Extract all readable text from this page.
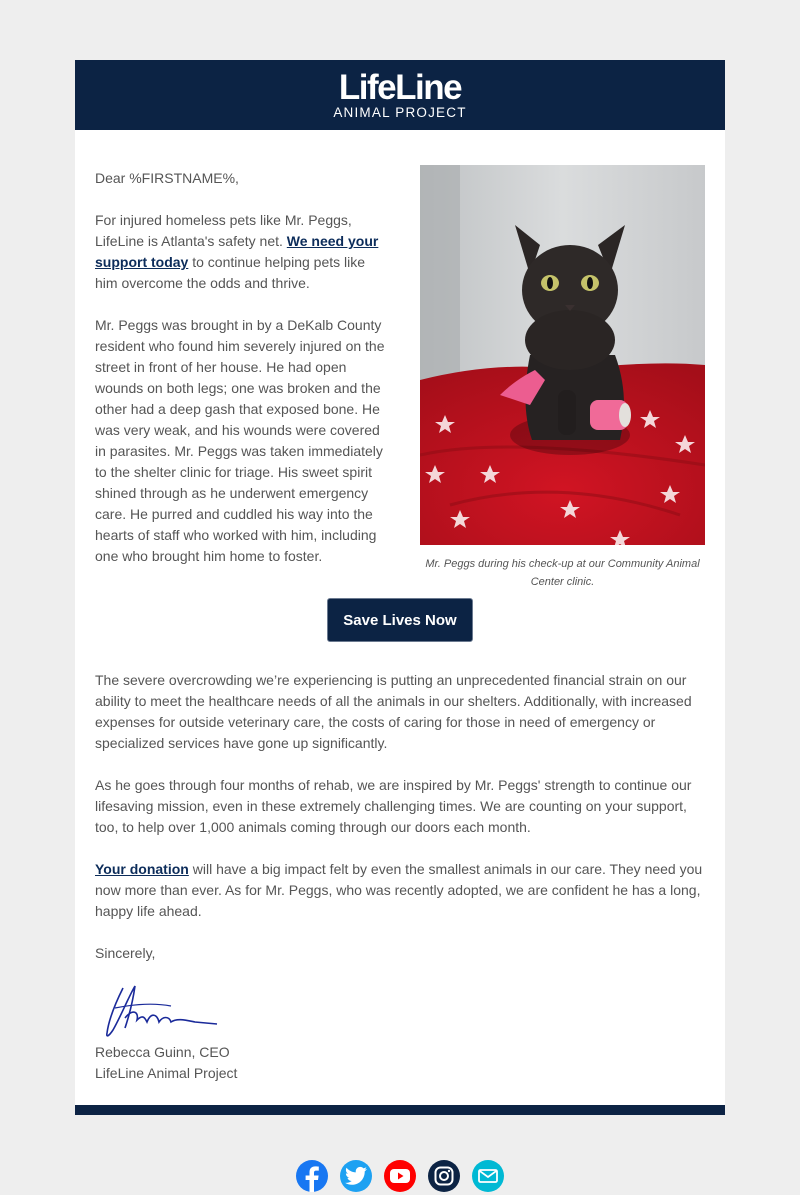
LifeLine
ANIMAL PROJECT

Dear %FIRSTNAME%,

For injured homeless pets like Mr. Peggs, LifeLine is Atlanta's safety net. We need your support today to continue helping pets like him overcome the odds and thrive.

Mr. Peggs was brought in by a DeKalb County resident who found him severely injured on the street in front of her house. He had open wounds on both legs; one was broken and the other had a deep gash that exposed bone. He was very weak, and his wounds were covered in parasites. Mr. Peggs was taken immediately to the shelter clinic for triage. His sweet spirit shined through as he underwent emergency care. He purred and cuddled his way into the hearts of staff who worked with him, including one who brought him home to foster.	Mr. Peggs during his check-up at our Community Animal Center clinic.
Save Lives Now

The severe overcrowding we’re experiencing is putting an unprecedented financial strain on our ability to meet the healthcare needs of all the animals in our shelters. Additionally, with increased expenses for outside veterinary care, the costs of caring for those in need of emergency or specialized services have gone up significantly.

As he goes through four months of rehab, we are inspired by Mr. Peggs' strength to continue our lifesaving mission, even in these extremely challenging times. We are counting on your support, too, to help over 1,000 animals coming through our doors each month.

Your donation will have a big impact felt by even the smallest animals in our care. They need you now more than ever. As for Mr. Peggs, who was recently adopted, we are confident he has a long, happy life ahead.

Sincerely,

Rebecca Guinn, CEO

LifeLine Animal Project
